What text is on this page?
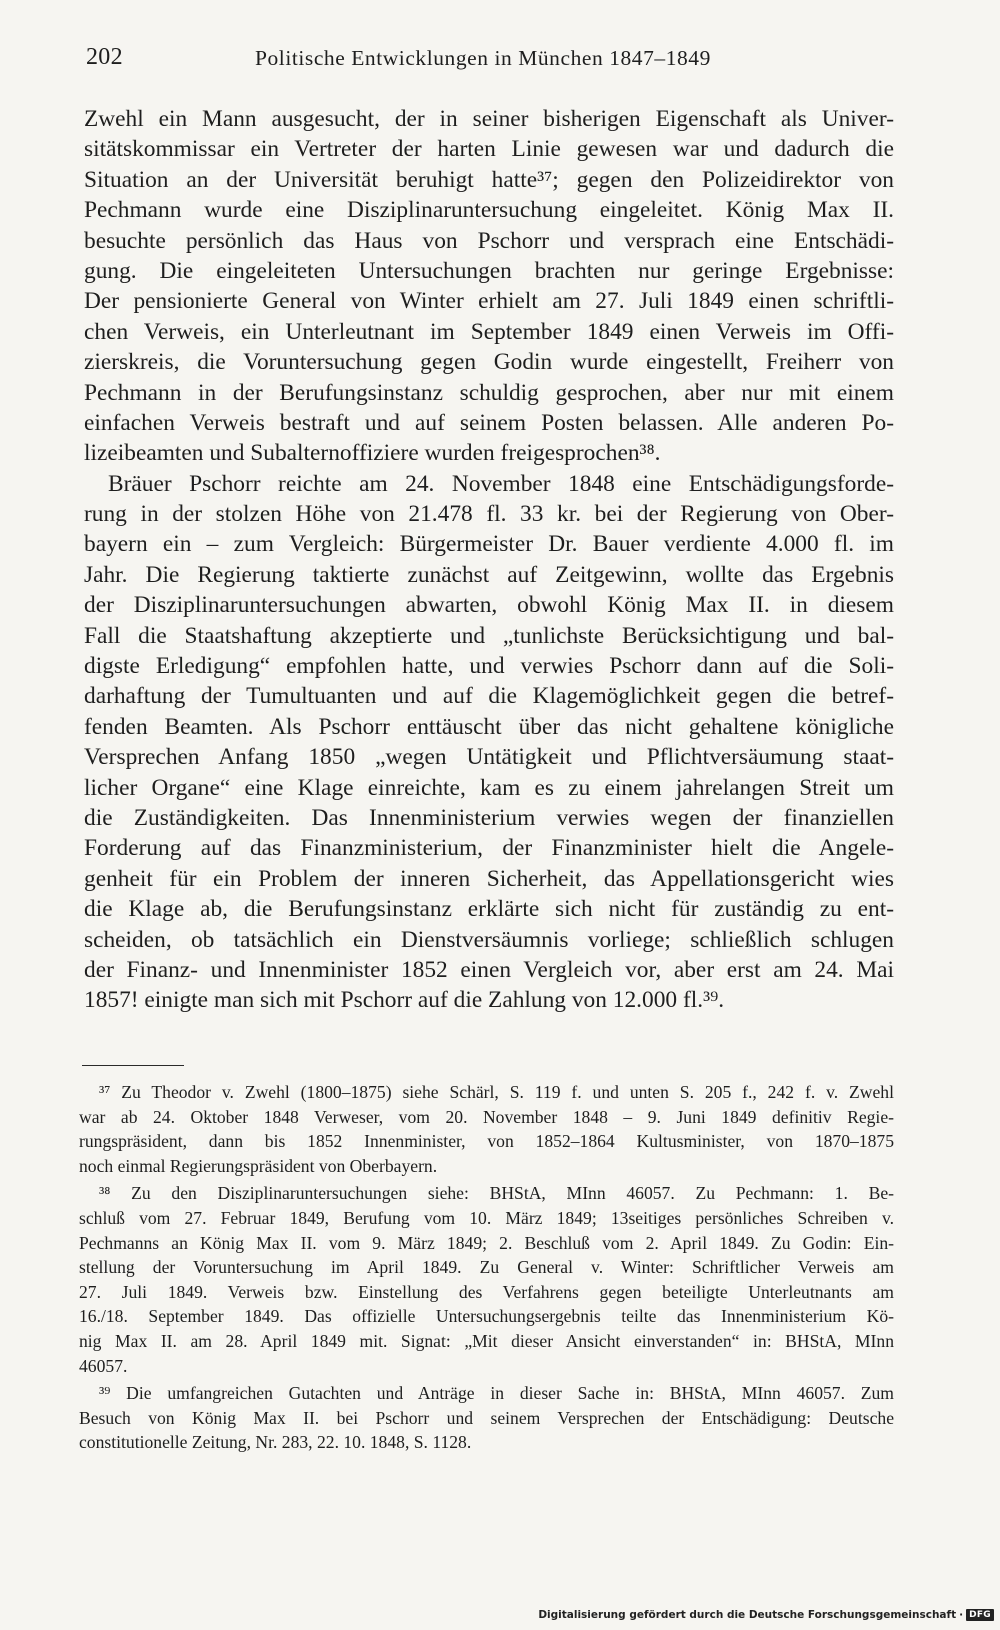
202	Politische Entwicklungen in München 1847–1849
Zwehl ein Mann ausgesucht, der in seiner bisherigen Eigenschaft als Univer-
sitätskommissar ein Vertreter der harten Linie gewesen war und dadurch die
Situation an der Universität beruhigt hatte³⁷; gegen den Polizeidirektor von
Pechmann wurde eine Disziplinaruntersuchung eingeleitet. König Max II.
besuchte persönlich das Haus von Pschorr und versprach eine Entschädi-
gung. Die eingeleiteten Untersuchungen brachten nur geringe Ergebnisse:
Der pensionierte General von Winter erhielt am 27. Juli 1849 einen schriftli-
chen Verweis, ein Unterleutnant im September 1849 einen Verweis im Offi-
zierskreis, die Voruntersuchung gegen Godin wurde eingestellt, Freiherr von
Pechmann in der Berufungsinstanz schuldig gesprochen, aber nur mit einem
einfachen Verweis bestraft und auf seinem Posten belassen. Alle anderen Po-
lizeibeamten und Subalternoffiziere wurden freigesprochen³⁸.
Bräuer Pschorr reichte am 24. November 1848 eine Entschädigungsforde-
rung in der stolzen Höhe von 21.478 fl. 33 kr. bei der Regierung von Ober-
bayern ein – zum Vergleich: Bürgermeister Dr. Bauer verdiente 4.000 fl. im
Jahr. Die Regierung taktierte zunächst auf Zeitgewinn, wollte das Ergebnis
der Disziplinaruntersuchungen abwarten, obwohl König Max II. in diesem
Fall die Staatshaftung akzeptierte und „tunlichste Berücksichtigung und bal-
digste Erledigung“ empfohlen hatte, und verwies Pschorr dann auf die Soli-
darhaftung der Tumultuanten und auf die Klagemöglichkeit gegen die betref-
fenden Beamten. Als Pschorr enttäuscht über das nicht gehaltene königliche
Versprechen Anfang 1850 „wegen Untätigkeit und Pflichtversäumung staat-
licher Organe“ eine Klage einreichte, kam es zu einem jahrelangen Streit um
die Zuständigkeiten. Das Innenministerium verwies wegen der finanziellen
Forderung auf das Finanzministerium, der Finanzminister hielt die Angele-
genheit für ein Problem der inneren Sicherheit, das Appellationsgericht wies
die Klage ab, die Berufungsinstanz erklärte sich nicht für zuständig zu ent-
scheiden, ob tatsächlich ein Dienstversäumnis vorliege; schließlich schlugen
der Finanz- und Innenminister 1852 einen Vergleich vor, aber erst am 24. Mai
1857! einigte man sich mit Pschorr auf die Zahlung von 12.000 fl.³⁹.
³⁷ Zu Theodor v. Zwehl (1800–1875) siehe Schärl, S. 119 f. und unten S. 205 f., 242 f. v. Zwehl
war ab 24. Oktober 1848 Verweser, vom 20. November 1848 – 9. Juni 1849 definitiv Regie-
rungspräsident, dann bis 1852 Innenminister, von 1852–1864 Kultusminister, von 1870–1875
noch einmal Regierungspräsident von Oberbayern.
³⁸ Zu den Disziplinaruntersuchungen siehe: BHStA, MInn 46057. Zu Pechmann: 1. Be-
schluß vom 27. Februar 1849, Berufung vom 10. März 1849; 13seitiges persönliches Schreiben v.
Pechmanns an König Max II. vom 9. März 1849; 2. Beschluß vom 2. April 1849. Zu Godin: Ein-
stellung der Voruntersuchung im April 1849. Zu General v. Winter: Schriftlicher Verweis am
27. Juli 1849. Verweis bzw. Einstellung des Verfahrens gegen beteiligte Unterleutnants am
16./18. September 1849. Das offizielle Untersuchungsergebnis teilte das Innenministerium Kö-
nig Max II. am 28. April 1849 mit. Signat: „Mit dieser Ansicht einverstanden“ in: BHStA, MInn
46057.
³⁹ Die umfangreichen Gutachten und Anträge in dieser Sache in: BHStA, MInn 46057. Zum
Besuch von König Max II. bei Pschorr und seinem Versprechen der Entschädigung: Deutsche
constitutionelle Zeitung, Nr. 283, 22. 10. 1848, S. 1128.
Digitalisierung gefördert durch die Deutsche Forschungsgemeinschaft · DFG
